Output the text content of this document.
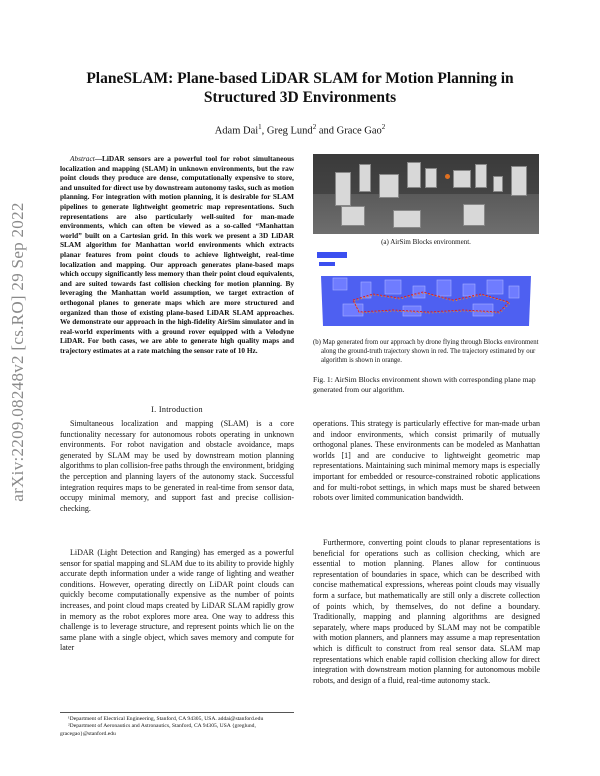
arXiv:2209.08248v2 [cs.RO] 29 Sep 2022
PlaneSLAM: Plane-based LiDAR SLAM for Motion Planning in Structured 3D Environments
Adam Dai$^1$, Greg Lund$^2$ and Grace Gao$^2$
Abstract—LiDAR sensors are a powerful tool for robot simultaneous localization and mapping (SLAM) in unknown environments, but the raw point clouds they produce are dense, computationally expensive to store, and unsuited for direct use by downstream autonomy tasks, such as motion planning. For integration with motion planning, it is desirable for SLAM pipelines to generate lightweight geometric map representations. Such representations are also particularly well-suited for man-made environments, which can often be viewed as a so-called “Manhattan world” built on a Cartesian grid. In this work we present a 3D LiDAR SLAM algorithm for Manhattan world environments which extracts planar features from point clouds to achieve lightweight, real-time localization and mapping. Our approach generates plane-based maps which occupy significantly less memory than their point cloud equivalents, and are suited towards fast collision checking for motion planning. By leveraging the Manhattan world assumption, we target extraction of orthogonal planes to generate maps which are more structured and organized than those of existing plane-based LiDAR SLAM approaches. We demonstrate our approach in the high-fidelity AirSim simulator and in real-world experiments with a ground rover equipped with a Velodyne LiDAR. For both cases, we are able to generate high quality maps and trajectory estimates at a rate matching the sensor rate of 10 Hz.
I. Introduction
Simultaneous localization and mapping (SLAM) is a core functionality necessary for autonomous robots operating in unknown environments. For robot navigation and obstacle avoidance, maps generated by SLAM may be used by downstream motion planning algorithms to plan collision-free paths through the environment, bridging the perception and planning layers of the autonomy stack. Successful integration requires maps to be generated in real-time from sensor data, occupy minimal memory, and support fast and precise collision-checking.
LiDAR (Light Detection and Ranging) has emerged as a powerful sensor for spatial mapping and SLAM due to its ability to provide highly accurate depth information under a wide range of lighting and weather conditions. However, operating directly on LiDAR point clouds can quickly become computationally expensive as the number of points increases, and point cloud maps created by LiDAR SLAM rapidly grow in memory as the robot explores more area. One way to address this challenge is to leverage structure, and represent points which lie on the same plane with a single object, which saves memory and compute for later
¹Department of Electrical Engineering, Stanford, CA 94305, USA. addai@stanford.edu
²Department of Aeronautics and Astronautics, Stanford, CA 94305, USA {greglund, gracegao}@stanford.edu
(a) AirSim Blocks environment.
(b) Map generated from our approach by drone flying through Blocks environment along the ground-truth trajectory shown in red. The trajectory estimated by our algorithm is shown in orange.
Fig. 1: AirSim Blocks environment shown with corresponding plane map generated from our algorithm.
operations. This strategy is particularly effective for man-made urban and indoor environments, which consist primarily of mutually orthogonal planes. These environments can be modeled as Manhattan worlds [1] and are conducive to lightweight geometric map representations. Maintaining such minimal memory maps is especially important for embedded or resource-constrained robotic applications and for multi-robot settings, in which maps must be shared between robots over limited communication bandwidth.
Furthermore, converting point clouds to planar representations is beneficial for operations such as collision checking, which are essential to motion planning. Planes allow for continuous representation of boundaries in space, which can be described with concise mathematical expressions, whereas point clouds may visually form a surface, but mathematically are still only a discrete collection of points which, by themselves, do not define a boundary. Traditionally, mapping and planning algorithms are designed separately, where maps produced by SLAM may not be compatible with motion planners, and planners may assume a map representation which is difficult to construct from real sensor data. SLAM map representations which enable rapid collision checking allow for direct integration with downstream motion planning for autonomous mobile robots, and design of a fluid, real-time autonomy stack.
